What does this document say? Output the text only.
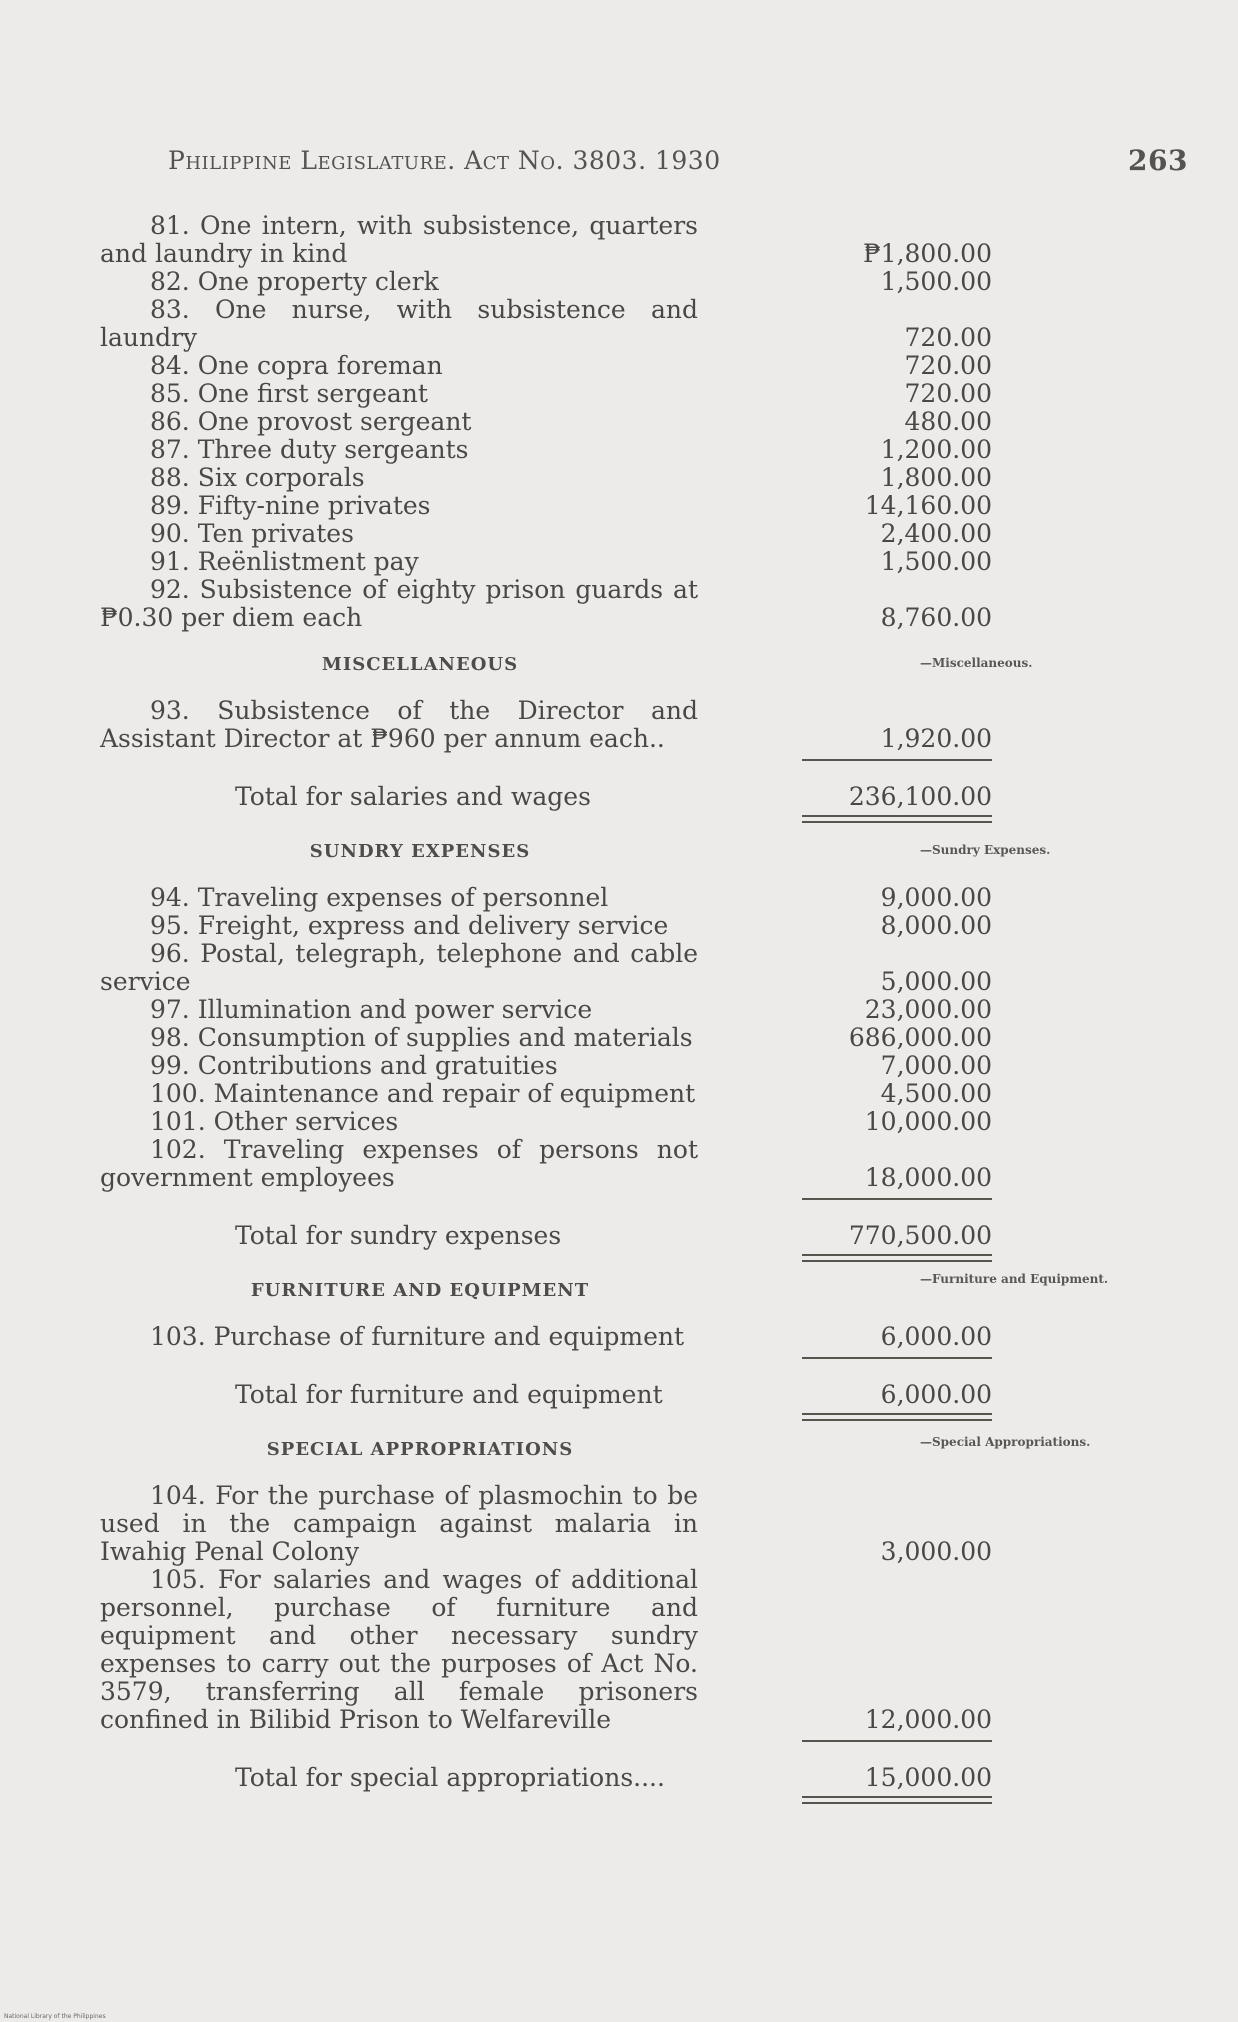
Philippine Legislature. Act No. 3803. 1930	263
81. One intern, with subsistence, quarters and laundry in kind	₱1,800.00
82. One property clerk	1,500.00
83. One nurse, with subsistence and laundry	720.00
84. One copra foreman	720.00
85. One first sergeant	720.00
86. One provost sergeant	480.00
87. Three duty sergeants	1,200.00
88. Six corporals	1,800.00
89. Fifty-nine privates	14,160.00
90. Ten privates	2,400.00
91. Reënlistment pay	1,500.00
92. Subsistence of eighty prison guards at ₱0.30 per diem each	8,760.00
MISCELLANEOUS	—Miscellaneous.
93. Subsistence of the Director and Assistant Director at ₱960 per annum each..	1,920.00
Total for salaries and wages	236,100.00
SUNDRY EXPENSES	—Sundry Expenses.
94. Traveling expenses of personnel	9,000.00
95. Freight, express and delivery service	8,000.00
96. Postal, telegraph, telephone and cable service	5,000.00
97. Illumination and power service	23,000.00
98. Consumption of supplies and materials	686,000.00
99. Contributions and gratuities	7,000.00
100. Maintenance and repair of equipment	4,500.00
101. Other services	10,000.00
102. Traveling expenses of persons not government employees	18,000.00
Total for sundry expenses	770,500.00
FURNITURE AND EQUIPMENT
—Furniture and Equipment.
103. Purchase of furniture and equipment	6,000.00
Total for furniture and equipment	6,000.00
SPECIAL APPROPRIATIONS	—Special Appropriations.
104. For the purchase of plasmochin to be used in the campaign against malaria in Iwahig Penal Colony	3,000.00
105. For salaries and wages of additional personnel, purchase of furniture and equipment and other necessary sundry expenses to carry out the purposes of Act No. 3579, transferring all female prisoners confined in Bilibid Prison to Welfareville	12,000.00
Total for special appropriations....	15,000.00
National Library of the Philippines
